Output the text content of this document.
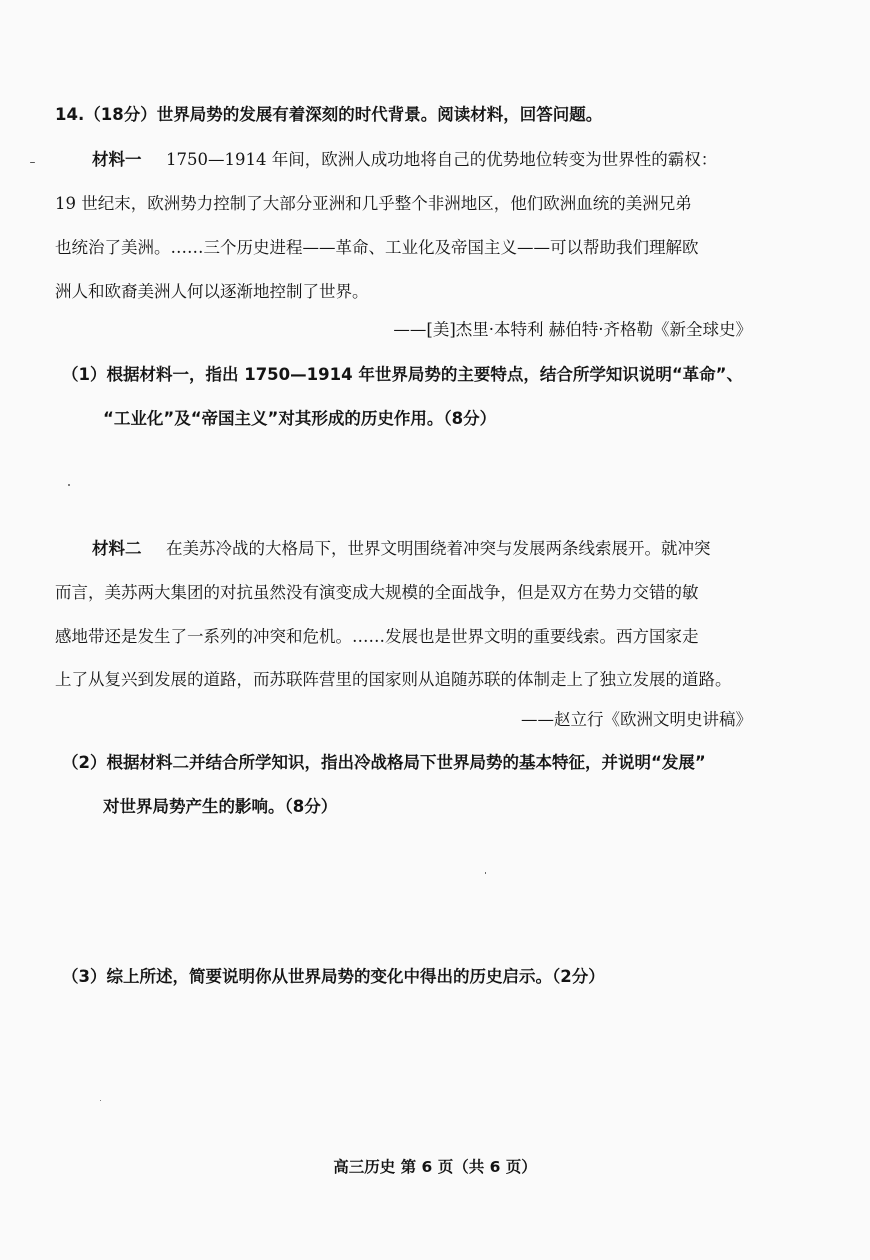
14.（18分）世界局势的发展有着深刻的时代背景。阅读材料，回答问题。
材料一 1750—1914 年间，欧洲人成功地将自己的优势地位转变为世界性的霸权：
19 世纪末，欧洲势力控制了大部分亚洲和几乎整个非洲地区，他们欧洲血统的美洲兄弟
也统治了美洲。……三个历史进程——革命、工业化及帝国主义——可以帮助我们理解欧
洲人和欧裔美洲人何以逐渐地控制了世界。
——[美]杰里·本特利 赫伯特·齐格勒《新全球史》
（1）根据材料一，指出 1750—1914 年世界局势的主要特点，结合所学知识说明“革命”、
“工业化”及“帝国主义”对其形成的历史作用。（8分）
材料二 在美苏冷战的大格局下，世界文明围绕着冲突与发展两条线索展开。就冲突
而言，美苏两大集团的对抗虽然没有演变成大规模的全面战争，但是双方在势力交错的敏
感地带还是发生了一系列的冲突和危机。……发展也是世界文明的重要线索。西方国家走
上了从复兴到发展的道路，而苏联阵营里的国家则从追随苏联的体制走上了独立发展的道路。
——赵立行《欧洲文明史讲稿》
（2）根据材料二并结合所学知识，指出冷战格局下世界局势的基本特征，并说明“发展”
对世界局势产生的影响。（8分）
（3）综上所述，简要说明你从世界局势的变化中得出的历史启示。（2分）
高三历史 第 6 页（共 6 页）
